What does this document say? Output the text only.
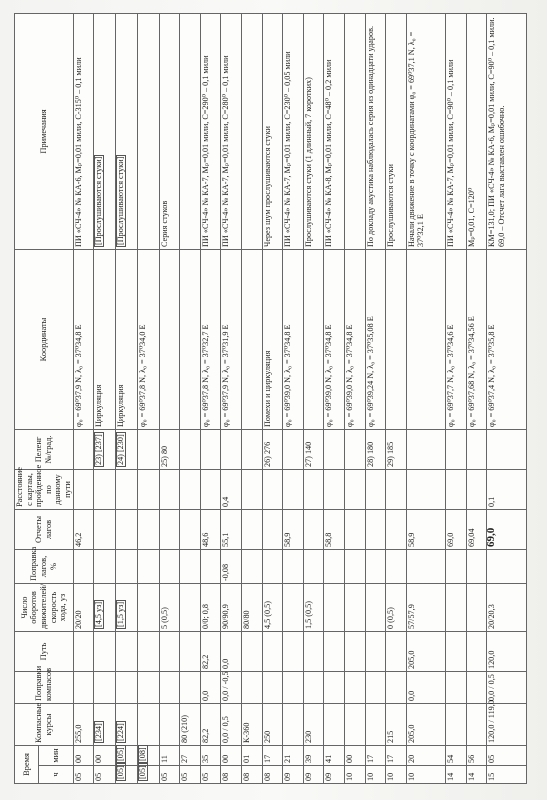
Время		Компасные курсы	Поправки компасов	Путь	Число оборотов движителей/ скорость хода, уз	Поправка лагов, %	Отчеты лагов	Расстояние с картаы, пройденное по данному пути	Пеленг №/град.	Координаты	Примечания
ч	мин										
05	00	255,0			20/20		46,2			φ₀ = 69⁰37,9 N, λ₀ = 37⁰34,8 E	ПИ «СЧ-4» № КА-6, Mₚ=0,01 мили, С-315⁰ – 0,1 мили
05	00	[234]			[4,5 уз]				23) [237]	Циркуляция	[Прослушиваются стуки]
[05]	[05]	[224]			[1,5 уз]				24) [230]	Циркуляция	[Прослушиваются стуки]
[05]	[08]									φ₀ = 69⁰37,8 N, λ₀ = 37⁰34,0 E	
05	11				5 (0,5)				25) 80		Серия стуков
05	27	80 (210)									
05	35	82,2	0,0	82,2	0/0; 0,8		48,6			φ₀ = 69⁰37,8 N, λ₀ = 37⁰32,7 E	ПИ «СЧ-4» № КА-7, Mₚ=0,01 мили, С=290⁰ – 0,1 мили
08	00	0,0 / 0,5	0,0 / -0,5	0,0	90/90,9	-0,08	55,1	0,4		φ₀ = 69⁰37,9 N, λ₀ = 37⁰31,9 E	ПИ «СЧ-4» № КА-7, Mₚ=0,01 мили, С=280⁰ – 0,1 мили
08	01	К-360			80/80						
08	17	250			4,5 (0,5)				26) 276	Помехи и циркуляция	Через шум прослушиваются стуки
09	21						58,9			φ₀ = 69⁰39,0 N, λ₀ = 37⁰34,8 E	ПИ «СЧ-4» № КА-7, Mₚ=0,01 мили, С=230⁰ – 0,05 мили
09	39	230			1,5 (0,5)				27) 140		Прослушиваются стуки (1 длинный, 7 коротких)
09	41						58,8			φ₀ = 69⁰39,0 N, λ₀ = 37⁰34,8 E	ПИ «СЧ-4» № КА-8, Mₚ=0,01 мили, С=48⁰ – 0,2 мили
10	00									φ₀ = 69⁰39,0 N, λ₀ = 37⁰34,8 E	
10	17								28) 180	φ₀ = 69⁰39,24 N, λ₀ = 37⁰35,08 E	По докладу акустика наблюдалась серия из одинадцати ударов.
10	17	215			0 (0,5)				29) 185		Прослушиваются стуки
10	20	205,0	0,0	205,0	57/57,9		58,9				Начали движение в точку с координатами φ₀ = 69⁰37,1 N, λ₀ = 37⁰32,1 E
14	54						69,0			φ₀ = 69⁰37,7 N, λ₀ = 37⁰34,6 E	ПИ «СЧ-4» № КА-7, Mₚ=0,01 мили, С=90⁰ – 0,1 мили
14	56						69,04			φ₀ = 69⁰37,68 N, λ₀ = 37⁰34,56 E	Mₚ=0,01, С=120⁰
15	05	120,0 / 119,0	0,0 / 0,5	120,0	20/20,3		69,0	0,1		φ₀ = 69⁰37,4 N, λ₀ = 37⁰35,8 E	КМ=131,0; ПИ «СЧ-4» № КА-6, Mₚ=0,01 мили, С=90⁰ – 0,1 мили. 69,0 – Отсчет лага выставлен ошибочно.
